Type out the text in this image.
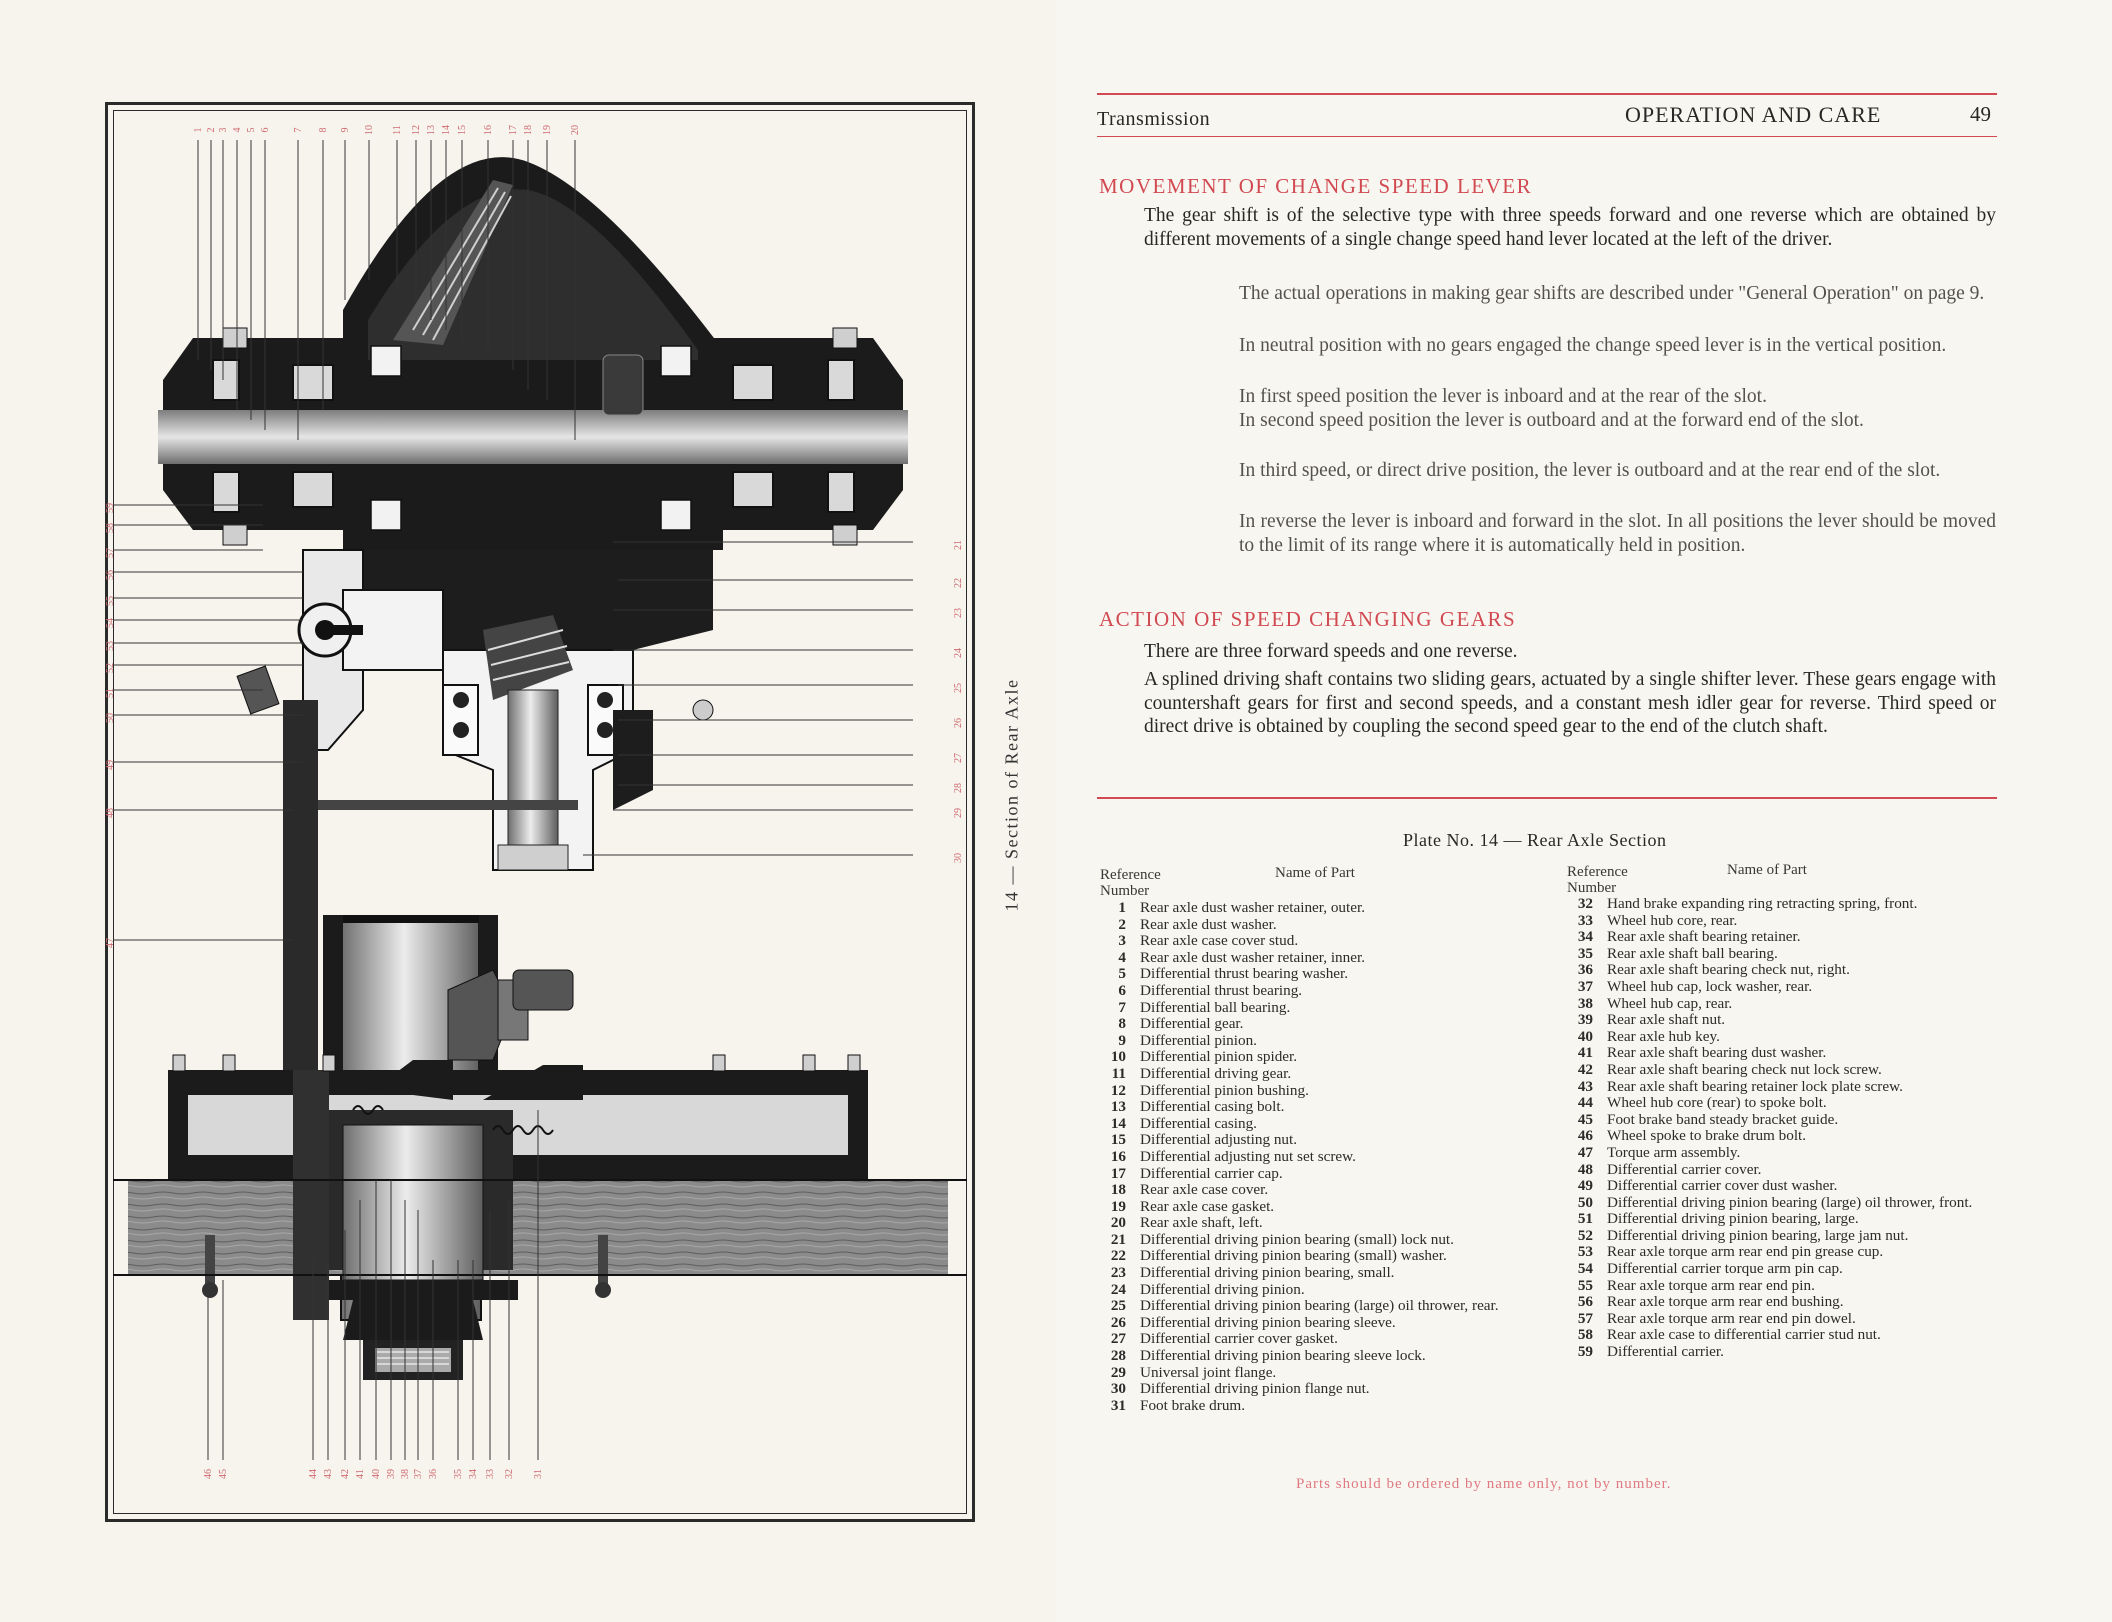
1 2 3 4 5 6 7 8 9 10 11 12 13 14 15 16 17 18 19 20
59
58
57
56
55
54
53
52
51
50
49
48
47
21
22
23
24
25
26
27
28
29
30
46 45	44 43 42 41 40 39 38 37 36 35 34 33 32 31
14 — Section of Rear Axle
Transmission	OPERATION AND CARE	49
MOVEMENT OF CHANGE SPEED LEVER

The gear shift is of the selective type with three speeds forward and one reverse which are obtained by different movements of a single change speed hand lever located at the left of the driver.

The actual operations in making gear shifts are described under "General Operation" on page 9.

In neutral position with no gears engaged the change speed lever is in the vertical position.

In first speed position the lever is inboard and at the rear of the slot.

In second speed position the lever is outboard and at the forward end of the slot.

In third speed, or direct drive position, the lever is outboard and at the rear end of the slot.

In reverse the lever is inboard and forward in the slot. In all positions the lever should be moved to the limit of its range where it is automatically held in position.

ACTION OF SPEED CHANGING GEARS

There are three forward speeds and one reverse.

A splined driving shaft contains two sliding gears, actuated by a single shifter lever. These gears engage with countershaft gears for first and second speeds, and a constant mesh idler gear for reverse. Third speed or direct drive is obtained by coupling the second speed gear to the end of the clutch shaft.

Plate No. 14 — Rear Axle Section
Reference Number
Name of Part	Reference Number
Name of Part
1 Rear axle dust washer retainer, outer.
2 Rear axle dust washer.
3 Rear axle case cover stud.
4 Rear axle dust washer retainer, inner.
5 Differential thrust bearing washer.
6 Differential thrust bearing.
7 Differential ball bearing.
8 Differential gear.
9 Differential pinion.
10 Differential pinion spider.
11 Differential driving gear.
12 Differential pinion bushing.
13 Differential casing bolt.
14 Differential casing.
15 Differential adjusting nut.
16 Differential adjusting nut set screw.
17 Differential carrier cap.
18 Rear axle case cover.
19 Rear axle case gasket.
20 Rear axle shaft, left.
21 Differential driving pinion bearing (small) lock nut.
22 Differential driving pinion bearing (small) washer.
23 Differential driving pinion bearing, small.
24 Differential driving pinion.
25 Differential driving pinion bearing (large) oil thrower, rear.
26 Differential driving pinion bearing sleeve.
27 Differential carrier cover gasket.
28 Differential driving pinion bearing sleeve lock.
29 Universal joint flange.
30 Differential driving pinion flange nut.
31 Foot brake drum.
32 Hand brake expanding ring retracting spring, front.
33 Wheel hub core, rear.
34 Rear axle shaft bearing retainer.
35 Rear axle shaft ball bearing.
36 Rear axle shaft bearing check nut, right.
37 Wheel hub cap, lock washer, rear.
38 Wheel hub cap, rear.
39 Rear axle shaft nut.
40 Rear axle hub key.
41 Rear axle shaft bearing dust washer.
42 Rear axle shaft bearing check nut lock screw.
43 Rear axle shaft bearing retainer lock plate screw.
44 Wheel hub core (rear) to spoke bolt.
45 Foot brake band steady bracket guide.
46 Wheel spoke to brake drum bolt.
47 Torque arm assembly.
48 Differential carrier cover.
49 Differential carrier cover dust washer.
50 Differential driving pinion bearing (large) oil thrower, front.
51 Differential driving pinion bearing, large.
52 Differential driving pinion bearing, large jam nut.
53 Rear axle torque arm rear end pin grease cup.
54 Differential carrier torque arm pin cap.
55 Rear axle torque arm rear end pin.
56 Rear axle torque arm rear end bushing.
57 Rear axle torque arm rear end pin dowel.
58 Rear axle case to differential carrier stud nut.
59 Differential carrier.
Parts should be ordered by name only, not by number.
